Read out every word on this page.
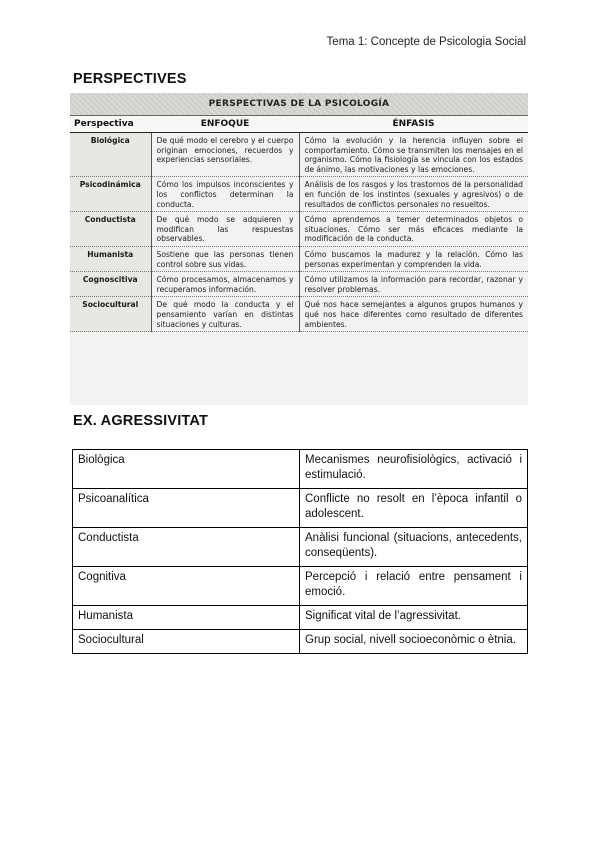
Tema 1: Concepte de Psicologia Social
PERSPECTIVES
PERSPECTIVAS DE LA PSICOLOGÍA
Perspectiva	ENFOQUE	ÉNFASIS
Biológica	De qué modo el cerebro y el cuerpo originan emociones, recuerdos y experiencias sensoriales.	Cómo la evolución y la herencia influyen sobre el comportamiento. Cómo se transmiten los mensajes en el organismo. Cómo la fisiología se vincula con los estados de ánimo, las motivaciones y las emociones.
Psicodinámica	Cómo los impulsos inconscientes y los conflictos determinan la conducta.	Análisis de los rasgos y los trastornos de la personalidad en función de los instintos (sexuales y agresivos) o de resultados de conflictos personales no resueltos.
Conductista	De qué modo se adquieren y modifican las respuestas observables.	Cómo aprendemos a temer determinados objetos o situaciones. Cómo ser más eficaces mediante la modificación de la conducta.
Humanista	Sostiene que las personas tienen control sobre sus vidas.	Cómo buscamos la madurez y la relación. Cómo las personas experimentan y comprenden la vida.
Cognoscitiva	Cómo procesamos, almacenamos y recuperamos información.	Cómo utilizamos la información para recordar, razonar y resolver problemas.
Sociocultural	De qué modo la conducta y el pensamiento varían en distintas situaciones y culturas.	Qué nos hace semejantes a algunos grupos humanos y qué nos hace diferentes como resultado de diferentes ambientes.
EX. AGRESSIVITAT
Biològica	Mecanismes neurofisiològics, activació i estimulació.
Psicoanalítica	Conflicte no resolt en l’època infantil o adolescent.
Conductista	Anàlisi funcional (situacions, antecedents, conseqüents).
Cognitiva	Percepció i relació entre pensament i emoció.
Humanista	Significat vital de l’agressivitat.
Sociocultural	Grup social, nivell socioeconòmic o ètnia.
